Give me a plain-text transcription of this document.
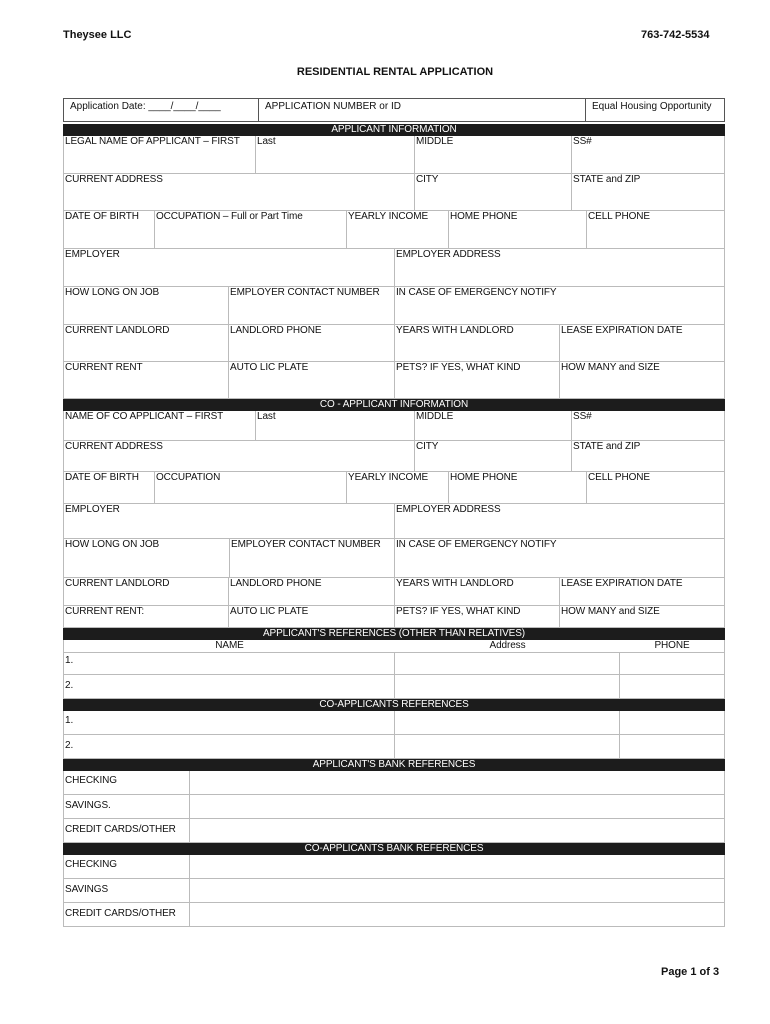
Theysee LLC	763-742-5534
RESIDENTIAL RENTAL APPLICATION
Application Date: ____/____/____	APPLICATION NUMBER or ID	Equal Housing Opportunity
APPLICANT INFORMATION
LEGAL NAME OF APPLICANT – FIRST	Last	MIDDLE	SS#
CURRENT ADDRESS	CITY	STATE and ZIP
DATE OF BIRTH	OCCUPATION – Full or Part Time	YEARLY INCOME	HOME PHONE	CELL PHONE
EMPLOYER	EMPLOYER ADDRESS
HOW LONG ON JOB	EMPLOYER CONTACT NUMBER	IN CASE OF EMERGENCY NOTIFY
CURRENT LANDLORD	LANDLORD PHONE	YEARS WITH LANDLORD	LEASE EXPIRATION DATE
CURRENT RENT	AUTO LIC PLATE	PETS? IF YES, WHAT KIND	HOW MANY and SIZE
CO - APPLICANT INFORMATION
NAME OF CO APPLICANT – FIRST	Last	MIDDLE	SS#
CURRENT ADDRESS	CITY	STATE and ZIP
DATE OF BIRTH	OCCUPATION	YEARLY INCOME	HOME PHONE	CELL PHONE
EMPLOYER	EMPLOYER ADDRESS
HOW LONG ON JOB	EMPLOYER CONTACT NUMBER	IN CASE OF EMERGENCY NOTIFY
CURRENT LANDLORD	LANDLORD PHONE	YEARS WITH LANDLORD	LEASE EXPIRATION DATE
CURRENT RENT:	AUTO LIC PLATE	PETS? IF YES, WHAT KIND	HOW MANY and SIZE
APPLICANT'S REFERENCES (OTHER THAN RELATIVES)
NAME	Address	PHONE
1.
2.
CO-APPLICANTS REFERENCES
1.
2.
APPLICANT'S BANK REFERENCES
CHECKING
SAVINGS.
CREDIT CARDS/OTHER
CO-APPLICANTS BANK REFERENCES
CHECKING
SAVINGS
CREDIT CARDS/OTHER
Page 1 of 3
